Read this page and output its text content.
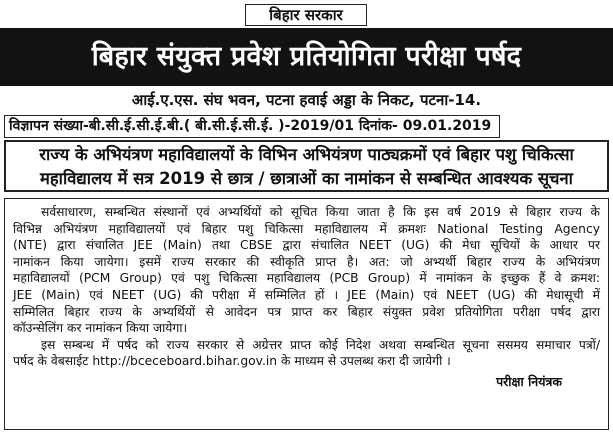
बिहार सरकार
बिहार संयुक्त प्रवेश प्रतियोगिता परीक्षा पर्षद
आई.ए.एस. संघ भवन, पटना हवाई अड्डा के निकट, पटना-14.
विज्ञापन संख्या-बी.सी.ई.सी.ई.बी.( बी.सी.ई.सी.ई. )-2019/01 दिनांक- 09.01.2019
राज्य के अभियंत्रण महाविद्यालयों के विभिन अभियंत्रण पाठ्यक्रमों एवं बिहार पशु चिकित्सा
महाविद्यालय में सत्र 2019 से छात्र / छात्राओं का नामांकन से सम्बन्धित आवश्यक सूचना
सर्वसाधारण, सम्बन्धित संस्थानों एवं अभ्यर्थियों को सूचित किया जाता है कि इस वर्ष 2019 से बिहार राज्य के
विभिन्न अभियंत्रण महाविद्यालयों एवं बिहार पशु चिकित्सा महाविद्यालय में क्रमशः National Testing Agency
(NTE) द्वारा संचालित JEE (Main) तथा CBSE द्वारा संचालित NEET (UG) की मेधा सूचियों के आधार पर
नामांकन किया जायेगा। इसमें राज्य सरकार की स्वीकृति प्राप्त है। अत: जो अभ्यर्थी बिहार राज्य के अभियंत्रण
महाविद्यालयों (PCM Group) एवं पशु चिकित्सा महाविद्यालय (PCB Group) में नामांकन के इच्छुक हैं वे क्रमश:
JEE (Main) एवं NEET (UG) की परीक्षा में सम्मिलित हों । JEE (Main) एवं NEET (UG) की मेधासूची में
सम्मिलित बिहार राज्य के अभ्यर्थियों से आवेदन पत्र प्राप्त कर बिहार संयुक्त प्रवेश प्रतियोगिता परीक्षा पर्षद द्वारा
कॉउन्सेलिंग कर नामांकन किया जायेगा।
इस सम्बन्ध में पर्षद को राज्य सरकार से अग्रेत्तर प्राप्त कोई निदेश अथवा सम्बन्धित सूचना ससमय समाचार पत्रों/
पर्षद के वेबसाईट http://bceceboard.bihar.gov.in के माध्यम से उपलब्ध करा दी जायेगी ।
परीक्षा नियंत्रक
